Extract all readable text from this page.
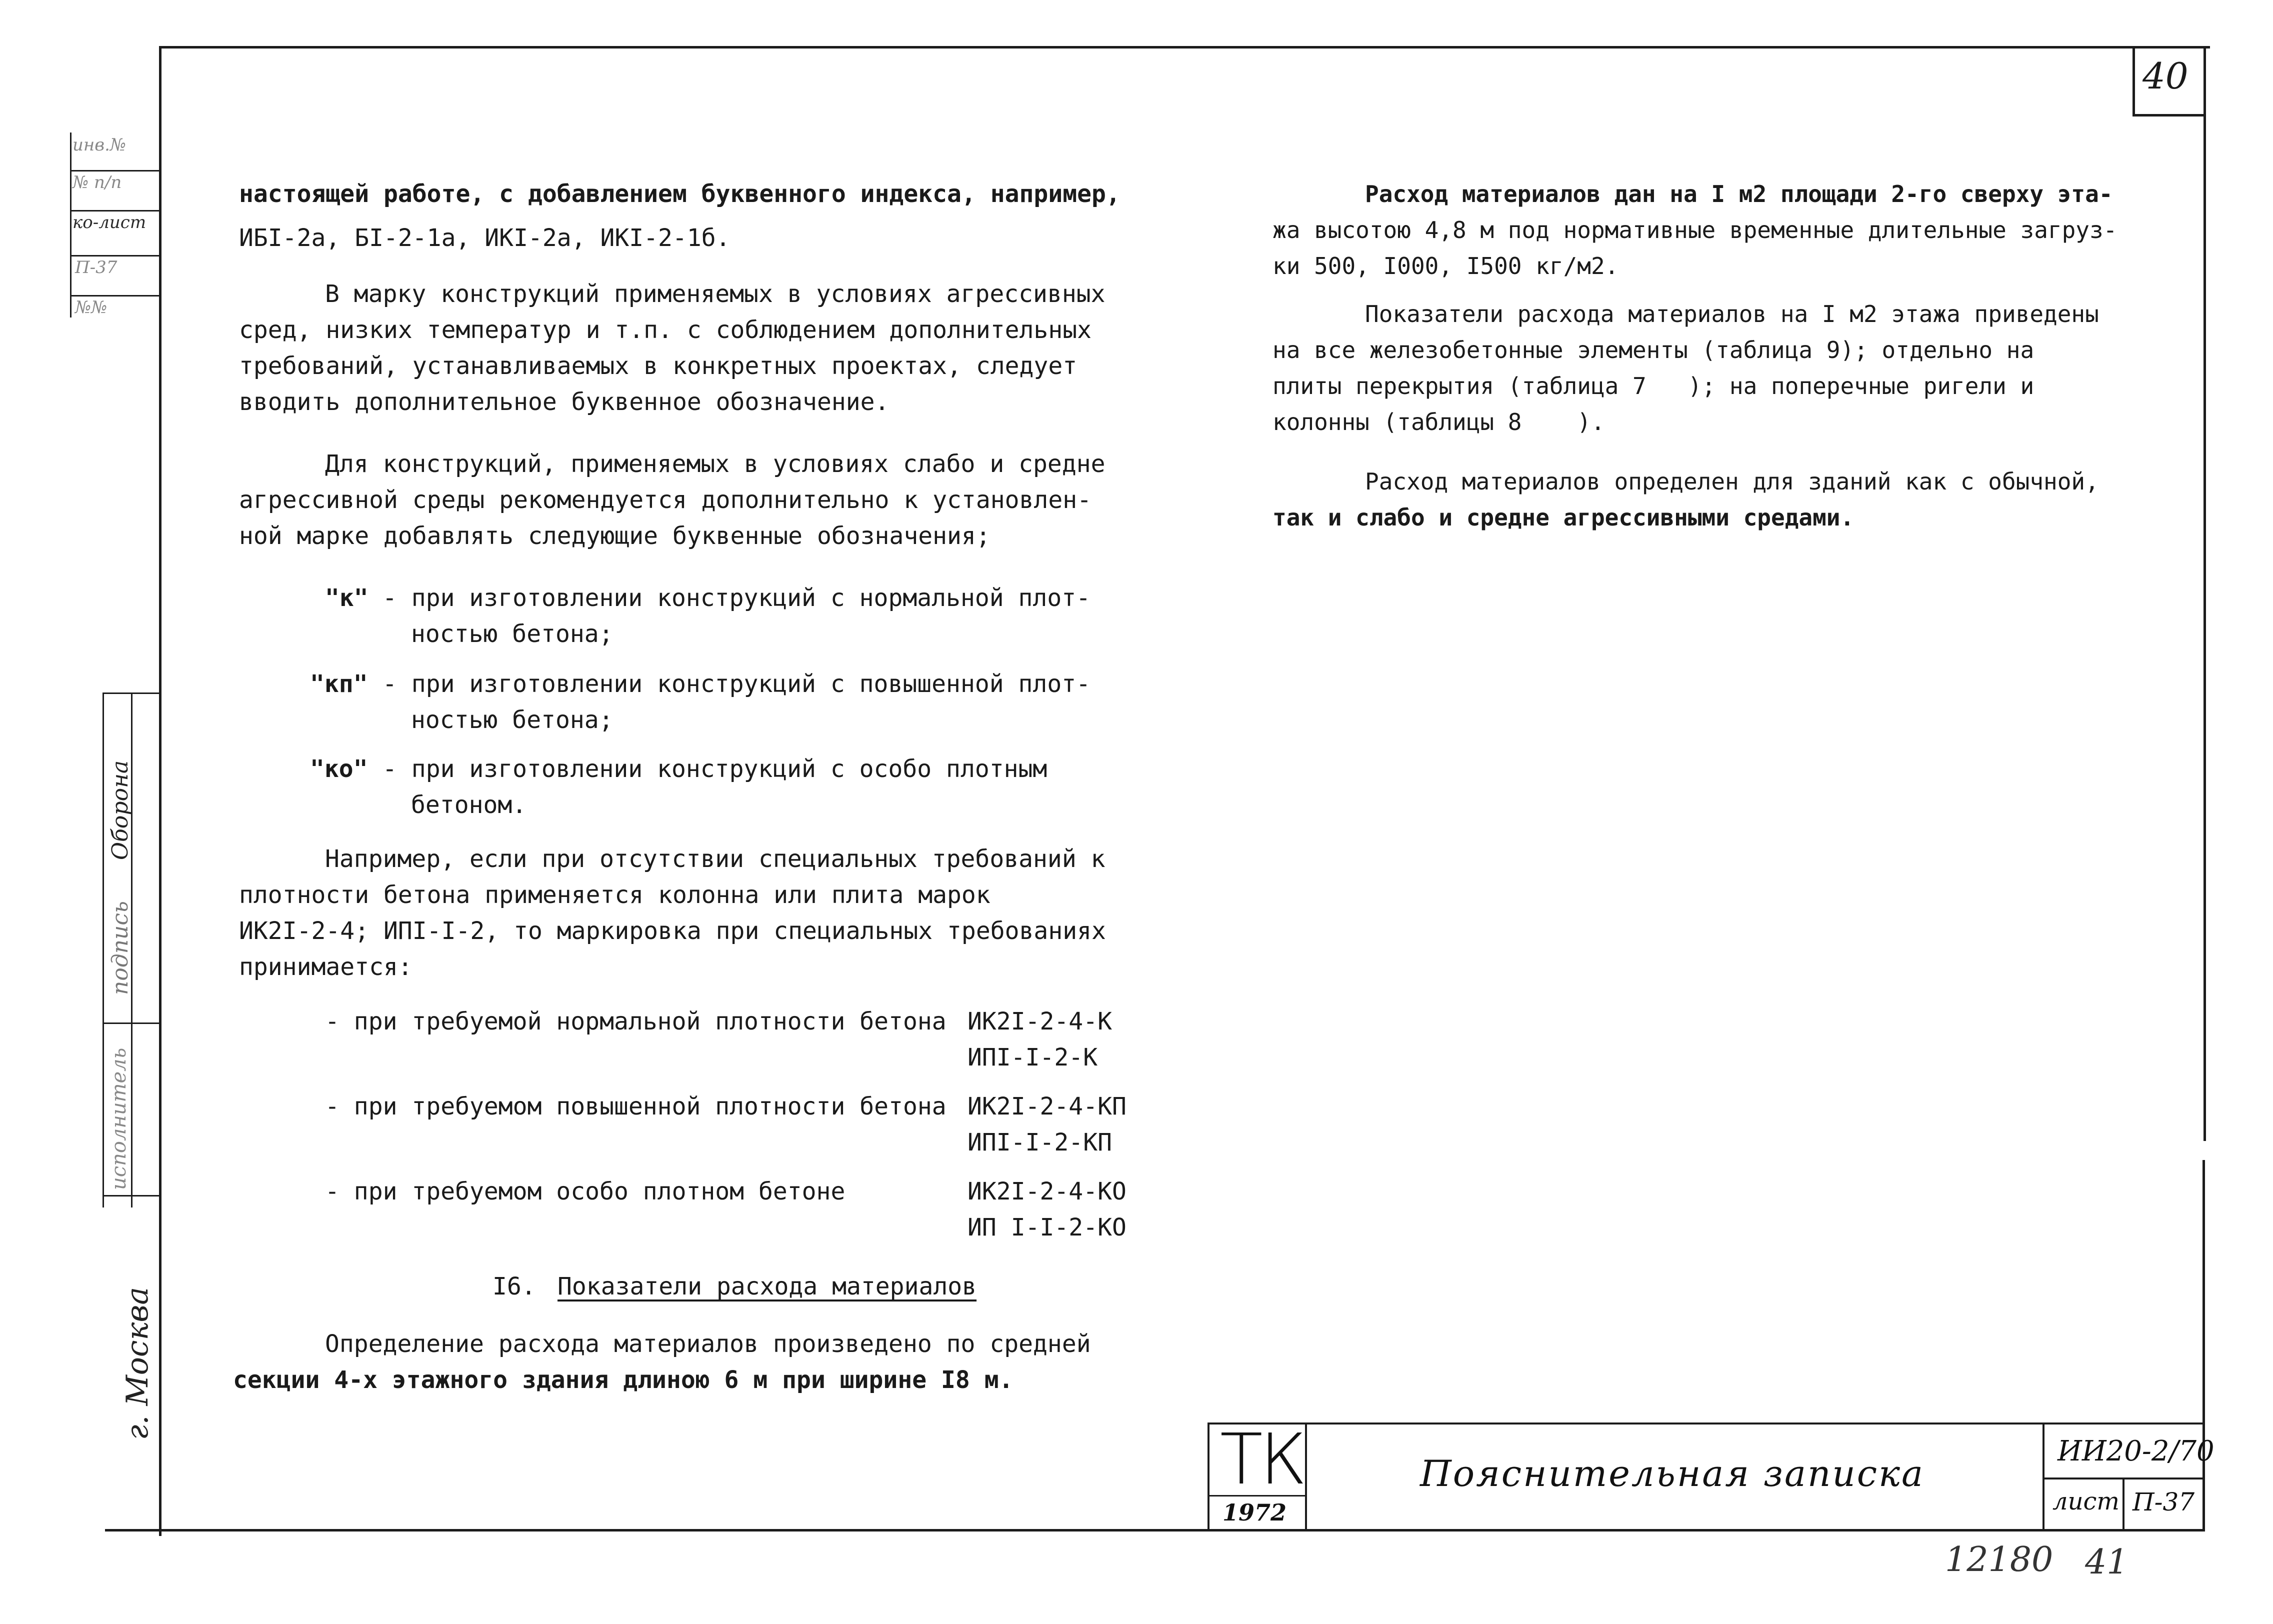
40
инв.№
№ п/п
ко-лист
П-37
№№
Оборона
подпись
исполнитель
г. Москва
настоящей работе, с добавлением буквенного индекса, например,
ИБI-2а, БI-2-1а, ИКI-2а, ИКI-2-1б.
В марку конструкций применяемых в условиях агрессивных
сред, низких температур и т.п. с соблюдением дополнительных
требований, устанавливаемых в конкретных проектах, следует
вводить дополнительное буквенное обозначение.
Для конструкций, применяемых в условиях слабо и средне
агрессивной среды рекомендуется дополнительно к установлен-
ной марке добавлять следующие буквенные обозначения;
"к" - при изготовлении конструкций с нормальной плот-
ностью бетона;
"кп" - при изготовлении конструкций с повышенной плот-
ностью бетона;
"ко" - при изготовлении конструкций с особо плотным
бетоном.
Например, если при отсутствии специальных требований к
плотности бетона применяется колонна или плита марок
ИК2I-2-4; ИПI-I-2, то маркировка при специальных требованиях
принимается:
- при требуемой нормальной плотности бетона ИК2I-2-4-К
ИПI-I-2-К
- при требуемом повышенной плотности бетона ИК2I-2-4-КП
ИПI-I-2-КП
- при требуемом особо плотном бетоне	ИК2I-2-4-КО
ИП I-I-2-КО
I6. Показатели расхода материалов
Определение расхода материалов произведено по средней
секции 4-х этажного здания длиною 6 м при ширине I8 м.
Расход материалов дан на I м2 площади 2-го сверху эта-
жа высотою 4,8 м под нормативные временные длительные загруз-
ки 500, I000, I500 кг/м2.
Показатели расхода материалов на I м2 этажа приведены
на все железобетонные элементы (таблица 9); отдельно на
плиты перекрытия (таблица 7   ); на поперечные ригели и
колонны (таблицы 8    ).
Расход материалов определен для зданий как с обычной,
так и слабо и средне агрессивными средами.
ТК
1972
Пояснительная записка
ИИ20-2/70
лист П-37
12180 41
